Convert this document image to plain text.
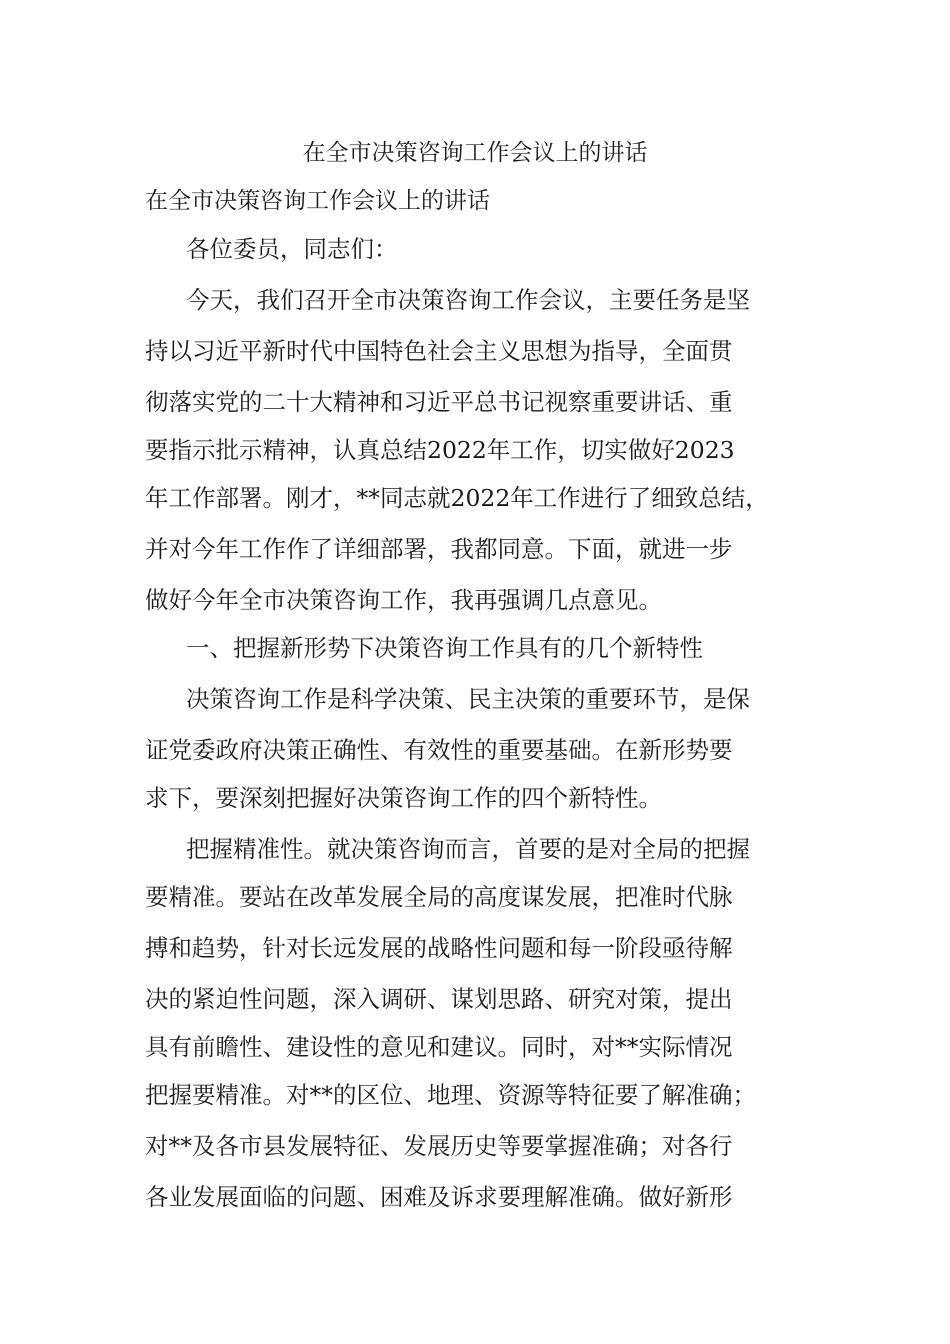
在全市决策咨询工作会议上的讲话
在全市决策咨询工作会议上的讲话

各位委员，同志们：

今天，我们召开全市决策咨询工作会议，主要任务是坚

持以习近平新时代中国特色社会主义思想为指导，全面贯

彻落实党的二十大精神和习近平总书记视察重要讲话、重

要指示批示精神，认真总结2022年工作，切实做好2023

年工作部署。刚才，**同志就2022年工作进行了细致总结，

并对今年工作作了详细部署，我都同意。下面，就进一步

做好今年全市决策咨询工作，我再强调几点意见。

一、把握新形势下决策咨询工作具有的几个新特性

决策咨询工作是科学决策、民主决策的重要环节，是保

证党委政府决策正确性、有效性的重要基础。在新形势要

求下，要深刻把握好决策咨询工作的四个新特性。

把握精准性。就决策咨询而言，首要的是对全局的把握

要精准。要站在改革发展全局的高度谋发展，把准时代脉

搏和趋势，针对长远发展的战略性问题和每一阶段亟待解

决的紧迫性问题，深入调研、谋划思路、研究对策，提出

具有前瞻性、建设性的意见和建议。同时，对**实际情况

把握要精准。对**的区位、地理、资源等特征要了解准确；

对**及各市县发展特征、发展历史等要掌握准确；对各行

各业发展面临的问题、困难及诉求要理解准确。做好新形
